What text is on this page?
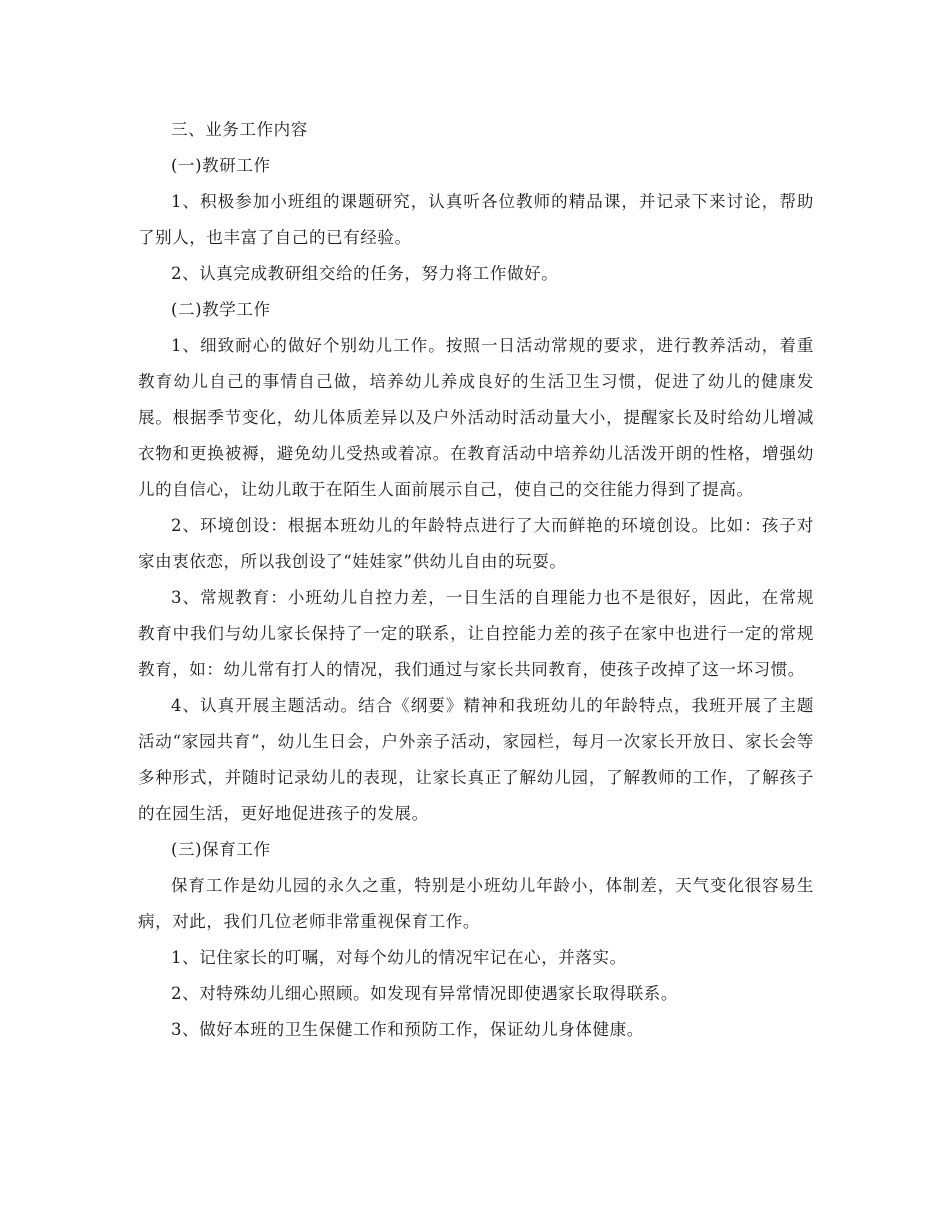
三、业务工作内容

(一)教研工作

1、积极参加小班组的课题研究，认真听各位教师的精品课，并记录下来讨论，帮助了别人，也丰富了自己的已有经验。

2、认真完成教研组交给的任务，努力将工作做好。

(二)教学工作

1、细致耐心的做好个别幼儿工作。按照一日活动常规的要求，进行教养活动，着重教育幼儿自己的事情自己做，培养幼儿养成良好的生活卫生习惯，促进了幼儿的健康发展。根据季节变化，幼儿体质差异以及户外活动时活动量大小，提醒家长及时给幼儿增减衣物和更换被褥，避免幼儿受热或着凉。在教育活动中培养幼儿活泼开朗的性格，增强幼儿的自信心，让幼儿敢于在陌生人面前展示自己，使自己的交往能力得到了提高。

2、环境创设：根据本班幼儿的年龄特点进行了大而鲜艳的环境创设。比如：孩子对家由衷依恋，所以我创设了“娃娃家”供幼儿自由的玩耍。

3、常规教育：小班幼儿自控力差，一日生活的自理能力也不是很好，因此，在常规教育中我们与幼儿家长保持了一定的联系，让自控能力差的孩子在家中也进行一定的常规教育，如：幼儿常有打人的情况，我们通过与家长共同教育，使孩子改掉了这一坏习惯。

4、认真开展主题活动。结合《纲要》精神和我班幼儿的年龄特点，我班开展了主题活动“家园共育”，幼儿生日会，户外亲子活动，家园栏，每月一次家长开放日、家长会等多种形式，并随时记录幼儿的表现，让家长真正了解幼儿园，了解教师的工作，了解孩子的在园生活，更好地促进孩子的发展。

(三)保育工作

保育工作是幼儿园的永久之重，特别是小班幼儿年龄小，体制差，天气变化很容易生病，对此，我们几位老师非常重视保育工作。

1、记住家长的叮嘱，对每个幼儿的情况牢记在心，并落实。

2、对特殊幼儿细心照顾。如发现有异常情况即使遇家长取得联系。

3、做好本班的卫生保健工作和预防工作，保证幼儿身体健康。
